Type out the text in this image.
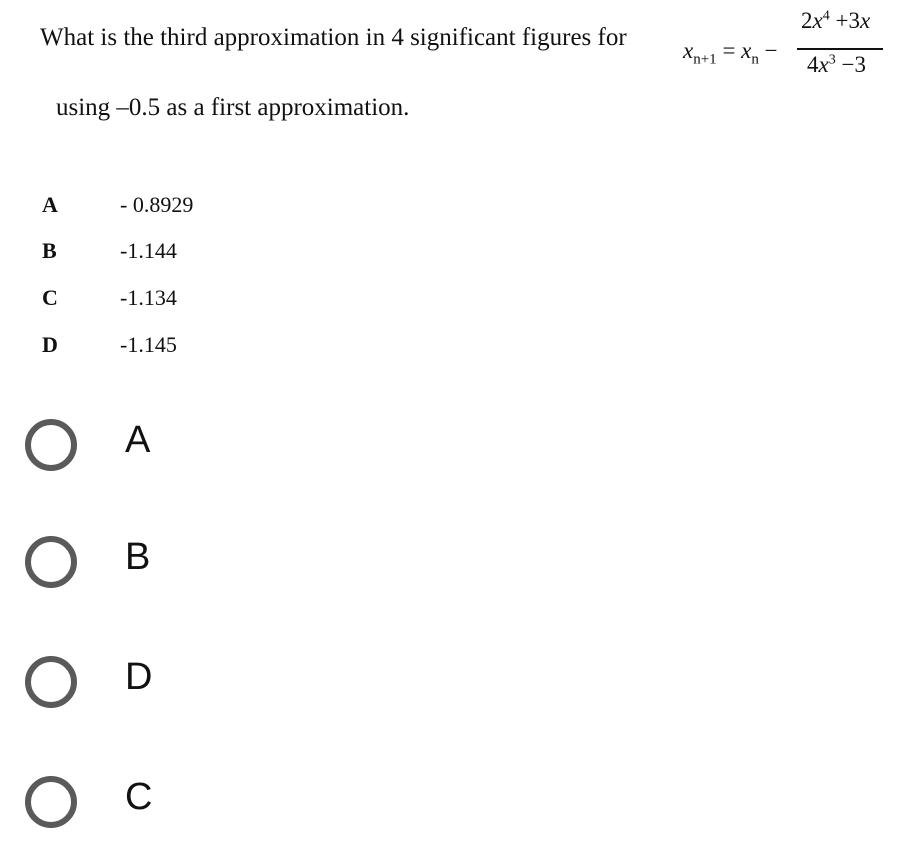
What is the third approximation in 4 significant figures for $x_{n+1} = x_n$ −
$2x^4 +3x$
$4x^3 -3$
using –0.5 as a first approximation.
A	- 0.8929
B	-1.144
C	-1.134
D	-1.145
A
B
D
C
